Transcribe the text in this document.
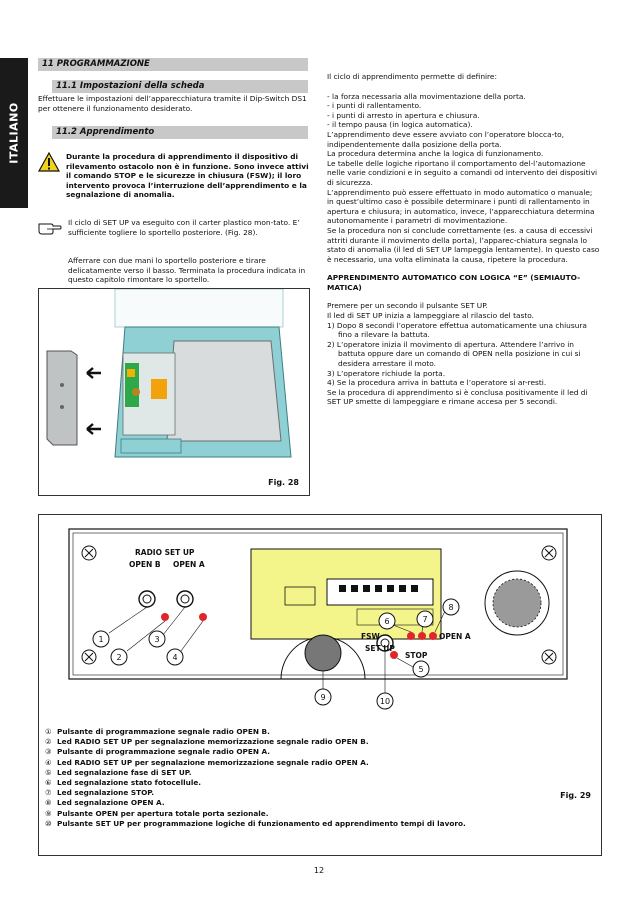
ITALIANO
11 PROGRAMMAZIONE
11.1 Impostazioni della scheda
Effettuare le impostazioni dell’apparecchiatura tramite il Dip-Switch DS1 per ottenere il funzionamento desiderato.
11.2 Apprendimento
Durante la procedura di apprendimento il dispositivo di rilevamento ostacolo non è in funzione. Sono invece attivi il comando STOP e le sicurezze in chiusura (FSW); il loro intervento provoca l’interruzione dell’apprendimento e la segnalazione di anomalia.
Il ciclo di SET UP va eseguito con il carter plastico mon-tato. E’ sufficiente togliere lo sportello posteriore. (Fig. 28).
Afferrare con due mani lo sportello posteriore e tirare delicatamente verso il basso. Terminata la procedura indicata in questo capitolo rimontare lo sportello.
Fig. 28
Il ciclo di apprendimento permette di definire:
- la forza necessaria alla movimentazione della porta.
- i punti di rallentamento.
- i punti di arresto in apertura e chiusura.
- il tempo pausa (in logica automatica).
L’apprendimento deve essere avviato con l’operatore blocca-to, indipendentemente dalla posizione della porta.
La procedura determina anche la logica di funzionamento.
Le tabelle delle logiche riportano il comportamento del-l’automazione nelle varie condizioni e in seguito a comandi od intervento dei dispositivi di sicurezza.
L’apprendimento può essere effettuato in modo automatico o manuale; in quest’ultimo caso è possibile determinare i punti di rallentamento in apertura e chiusura; in automatico, invece, l’apparecchiatura determina autonomamente i parametri di movimentazione.
Se la procedura non si conclude correttamente (es. a causa di eccessivi attriti durante il movimento della porta), l’apparec-chiatura segnala lo stato di anomalia (il led di SET UP lampeggia lentamente). In questo caso è necessario, una volta eliminata la causa, ripetere la procedura.
APPRENDIMENTO AUTOMATICO CON LOGICA “E” (SEMIAUTO-MATICA)
Premere per un secondo il pulsante SET UP.
Il led di SET UP inizia a lampeggiare al rilascio del tasto.
1) Dopo 8 secondi l’operatore effettua automaticamente una chiusura fino a rilevare la battuta.
2) L’operatore inizia il movimento di apertura. Attendere l’arrivo in battuta oppure dare un comando di OPEN nella posizione in cui si desidera arrestare il moto.
3) L’operatore richiude la porta.
4) Se la procedura arriva in battuta e l’operatore si ar-resti.
Se la procedura di apprendimento si è conclusa positivamente il led di SET UP smette di lampeggiare e rimane accesa per 5 secondi.
1
2
3
4
5
6	7
8
9	10
RADIO SET UP
OPEN B OPEN A
FSW
STOP
OPEN A
SET UP
① Pulsante di programmazione segnale radio OPEN B.
② Led RADIO SET UP per segnalazione memorizzazione segnale radio OPEN B.
③ Pulsante di programmazione segnale radio OPEN A.
④ Led RADIO SET UP per segnalazione memorizzazione segnale radio OPEN A.
⑤ Led segnalazione fase di SET UP.
⑥ Led segnalazione stato fotocellule.
⑦ Led segnalazione STOP.
⑧ Led segnalazione OPEN A.
⑨ Pulsante OPEN per apertura totale porta sezionale.
⑩ Pulsante SET UP per programmazione logiche di funzionamento ed apprendimento tempi di lavoro.
Fig. 29
12
